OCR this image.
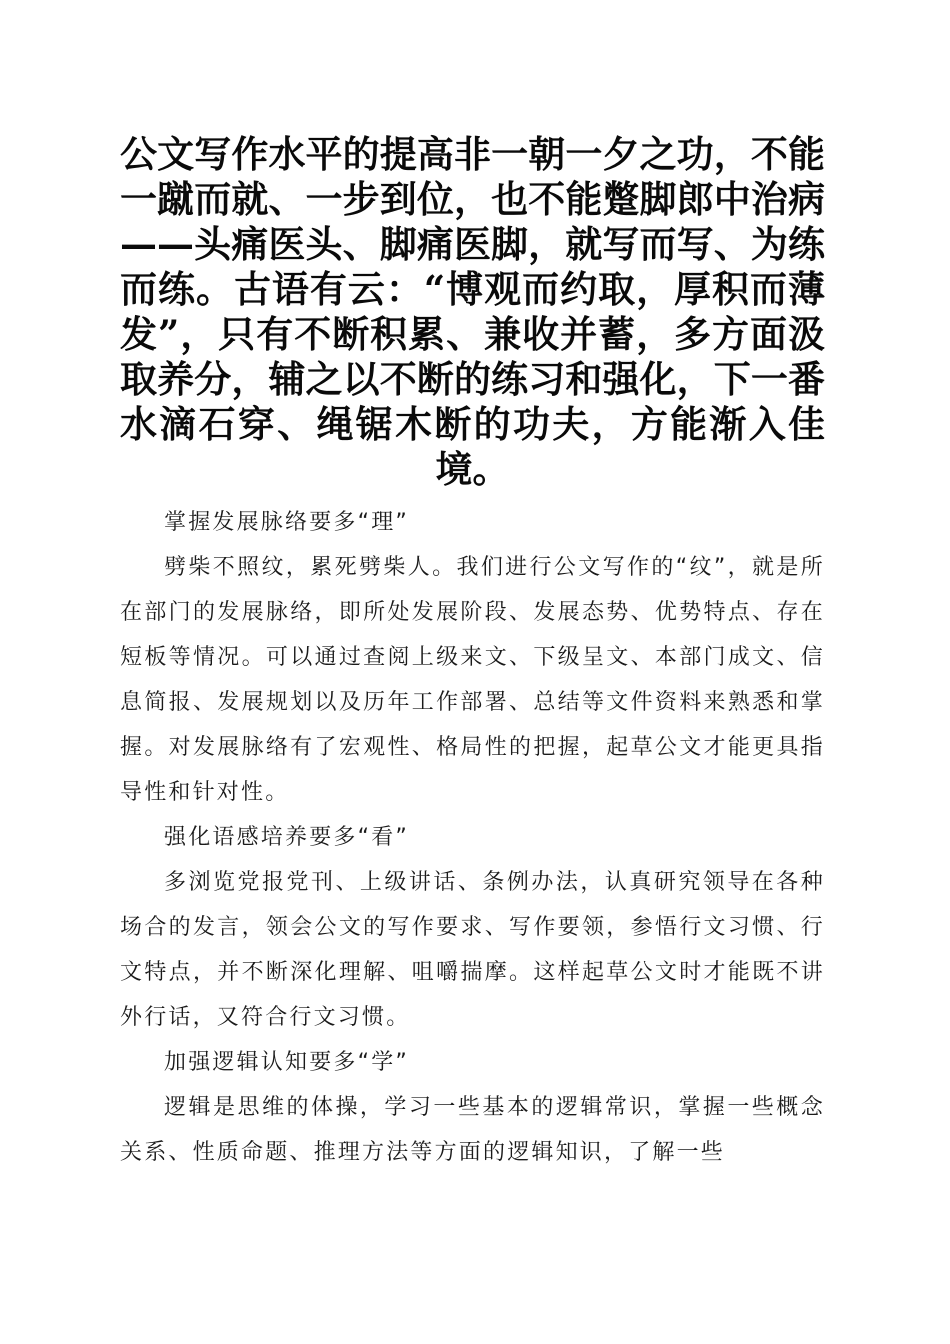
公文写作水平的提高非一朝一夕之功，不能一蹴而就、一步到位，也不能蹩脚郎中治病——头痛医头、脚痛医脚，就写而写、为练而练。古语有云：“博观而约取，厚积而薄发”，只有不断积累、兼收并蓄，多方面汲取养分，辅之以不断的练习和强化，下一番水滴石穿、绳锯木断的功夫，方能渐入佳境。

掌握发展脉络要多“理”

劈柴不照纹，累死劈柴人。我们进行公文写作的“纹”，就是所在部门的发展脉络，即所处发展阶段、发展态势、优势特点、存在短板等情况。可以通过查阅上级来文、下级呈文、本部门成文、信息简报、发展规划以及历年工作部署、总结等文件资料来熟悉和掌握。对发展脉络有了宏观性、格局性的把握，起草公文才能更具指导性和针对性。

强化语感培养要多“看”

多浏览党报党刊、上级讲话、条例办法，认真研究领导在各种场合的发言，领会公文的写作要求、写作要领，参悟行文习惯、行文特点，并不断深化理解、咀嚼揣摩。这样起草公文时才能既不讲外行话，又符合行文习惯。

加强逻辑认知要多“学”

逻辑是思维的体操，学习一些基本的逻辑常识，掌握一些概念关系、性质命题、推理方法等方面的逻辑知识，了解一些
